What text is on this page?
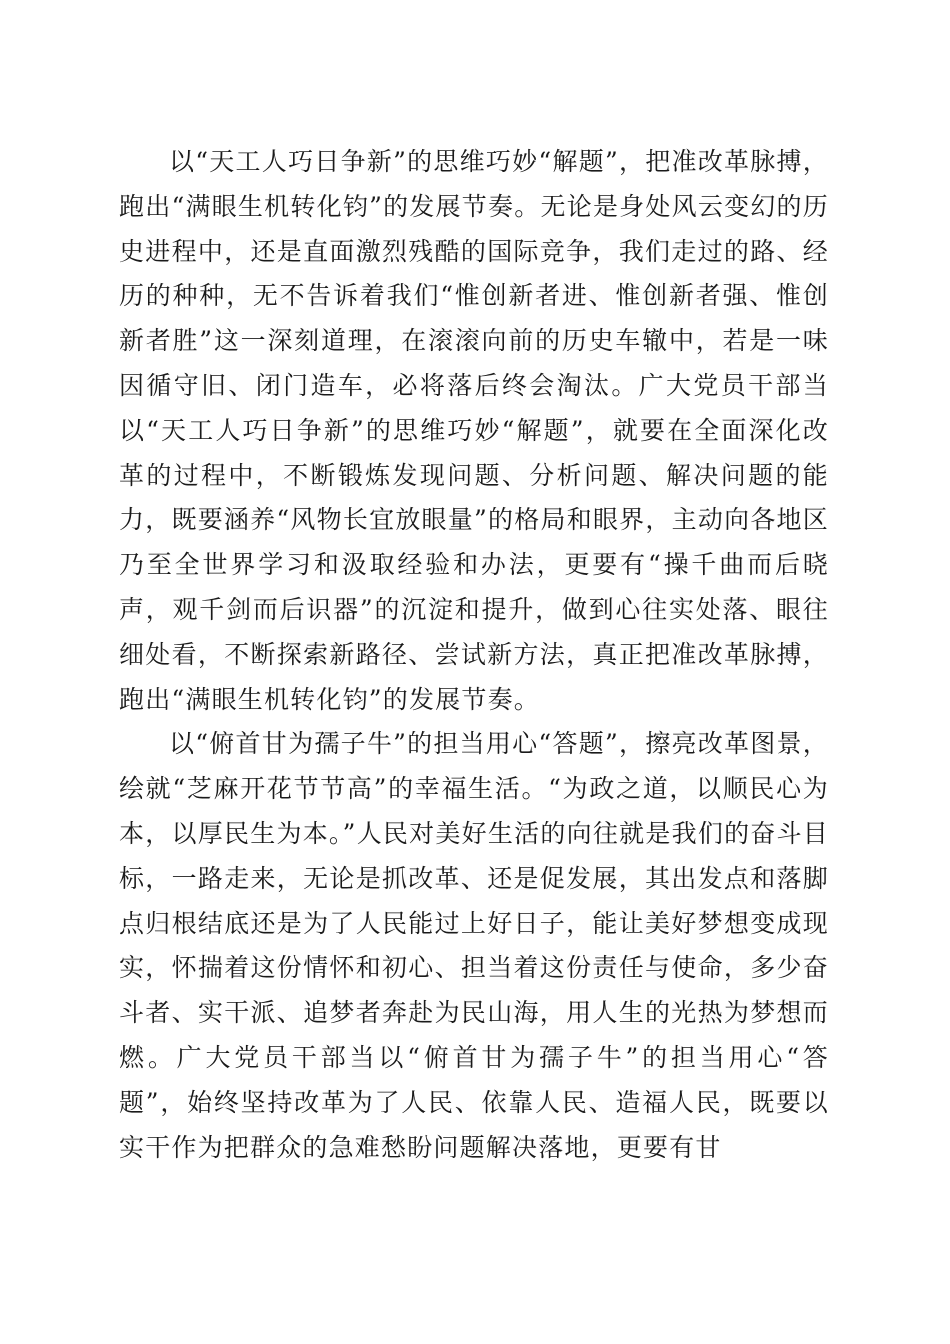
以“天工人巧日争新”的思维巧妙“解题”，把准改革脉搏，跑出“满眼生机转化钧”的发展节奏。无论是身处风云变幻的历史进程中，还是直面激烈残酷的国际竞争，我们走过的路、经历的种种，无不告诉着我们“惟创新者进、惟创新者强、惟创新者胜”这一深刻道理，在滚滚向前的历史车辙中，若是一味因循守旧、闭门造车，必将落后终会淘汰。广大党员干部当以“天工人巧日争新”的思维巧妙“解题”，就要在全面深化改革的过程中，不断锻炼发现问题、分析问题、解决问题的能力，既要涵养“风物长宜放眼量”的格局和眼界，主动向各地区乃至全世界学习和汲取经验和办法，更要有“操千曲而后晓声，观千剑而后识器”的沉淀和提升，做到心往实处落、眼往细处看，不断探索新路径、尝试新方法，真正把准改革脉搏，跑出“满眼生机转化钧”的发展节奏。

以“俯首甘为孺子牛”的担当用心“答题”，擦亮改革图景，绘就“芝麻开花节节高”的幸福生活。“为政之道，以顺民心为本，以厚民生为本。”人民对美好生活的向往就是我们的奋斗目标，一路走来，无论是抓改革、还是促发展，其出发点和落脚点归根结底还是为了人民能过上好日子，能让美好梦想变成现实，怀揣着这份情怀和初心、担当着这份责任与使命，多少奋斗者、实干派、追梦者奔赴为民山海，用人生的光热为梦想而燃。广大党员干部当以“俯首甘为孺子牛”的担当用心“答题”，始终坚持改革为了人民、依靠人民、造福人民，既要以实干作为把群众的急难愁盼问题解决落地，更要有甘
